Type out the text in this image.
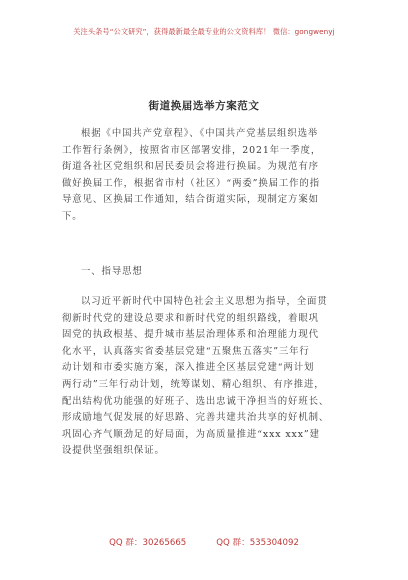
关注头条号“公文研究”，获得最新最全最专业的公文资料库！ 微信：gongwenyj
街道换届选举方案范文
根据《中国共产党章程》、《中国共产党基层组织选举
工作暂行条例》，按照省市区部署安排，2021年一季度，
街道各社区党组织和居民委员会将进行换届。为规范有序
做好换届工作，根据省市村（社区）“两委”换届工作的指
导意见、区换届工作通知，结合街道实际，现制定方案如
下。
一、指导思想
以习近平新时代中国特色社会主义思想为指导，全面贯
彻新时代党的建设总要求和新时代党的组织路线，着眼巩
固党的执政根基、提升城市基层治理体系和治理能力现代
化水平，认真落实省委基层党建“五聚焦五落实”三年行
动计划和市委实施方案，深入推进全区基层党建“两计划
两行动”三年行动计划，统筹谋划、精心组织、有序推进，
配出结构优功能强的好班子、选出忠诚干净担当的好班长、
形成励地气促发展的好思路、完善共建共治共享的好机制、
巩固心齐气顺劲足的好局面，为高质量推进“xxx xxx”建
设提供坚强组织保证。
QQ 群：30265665	QQ 群：535304092
